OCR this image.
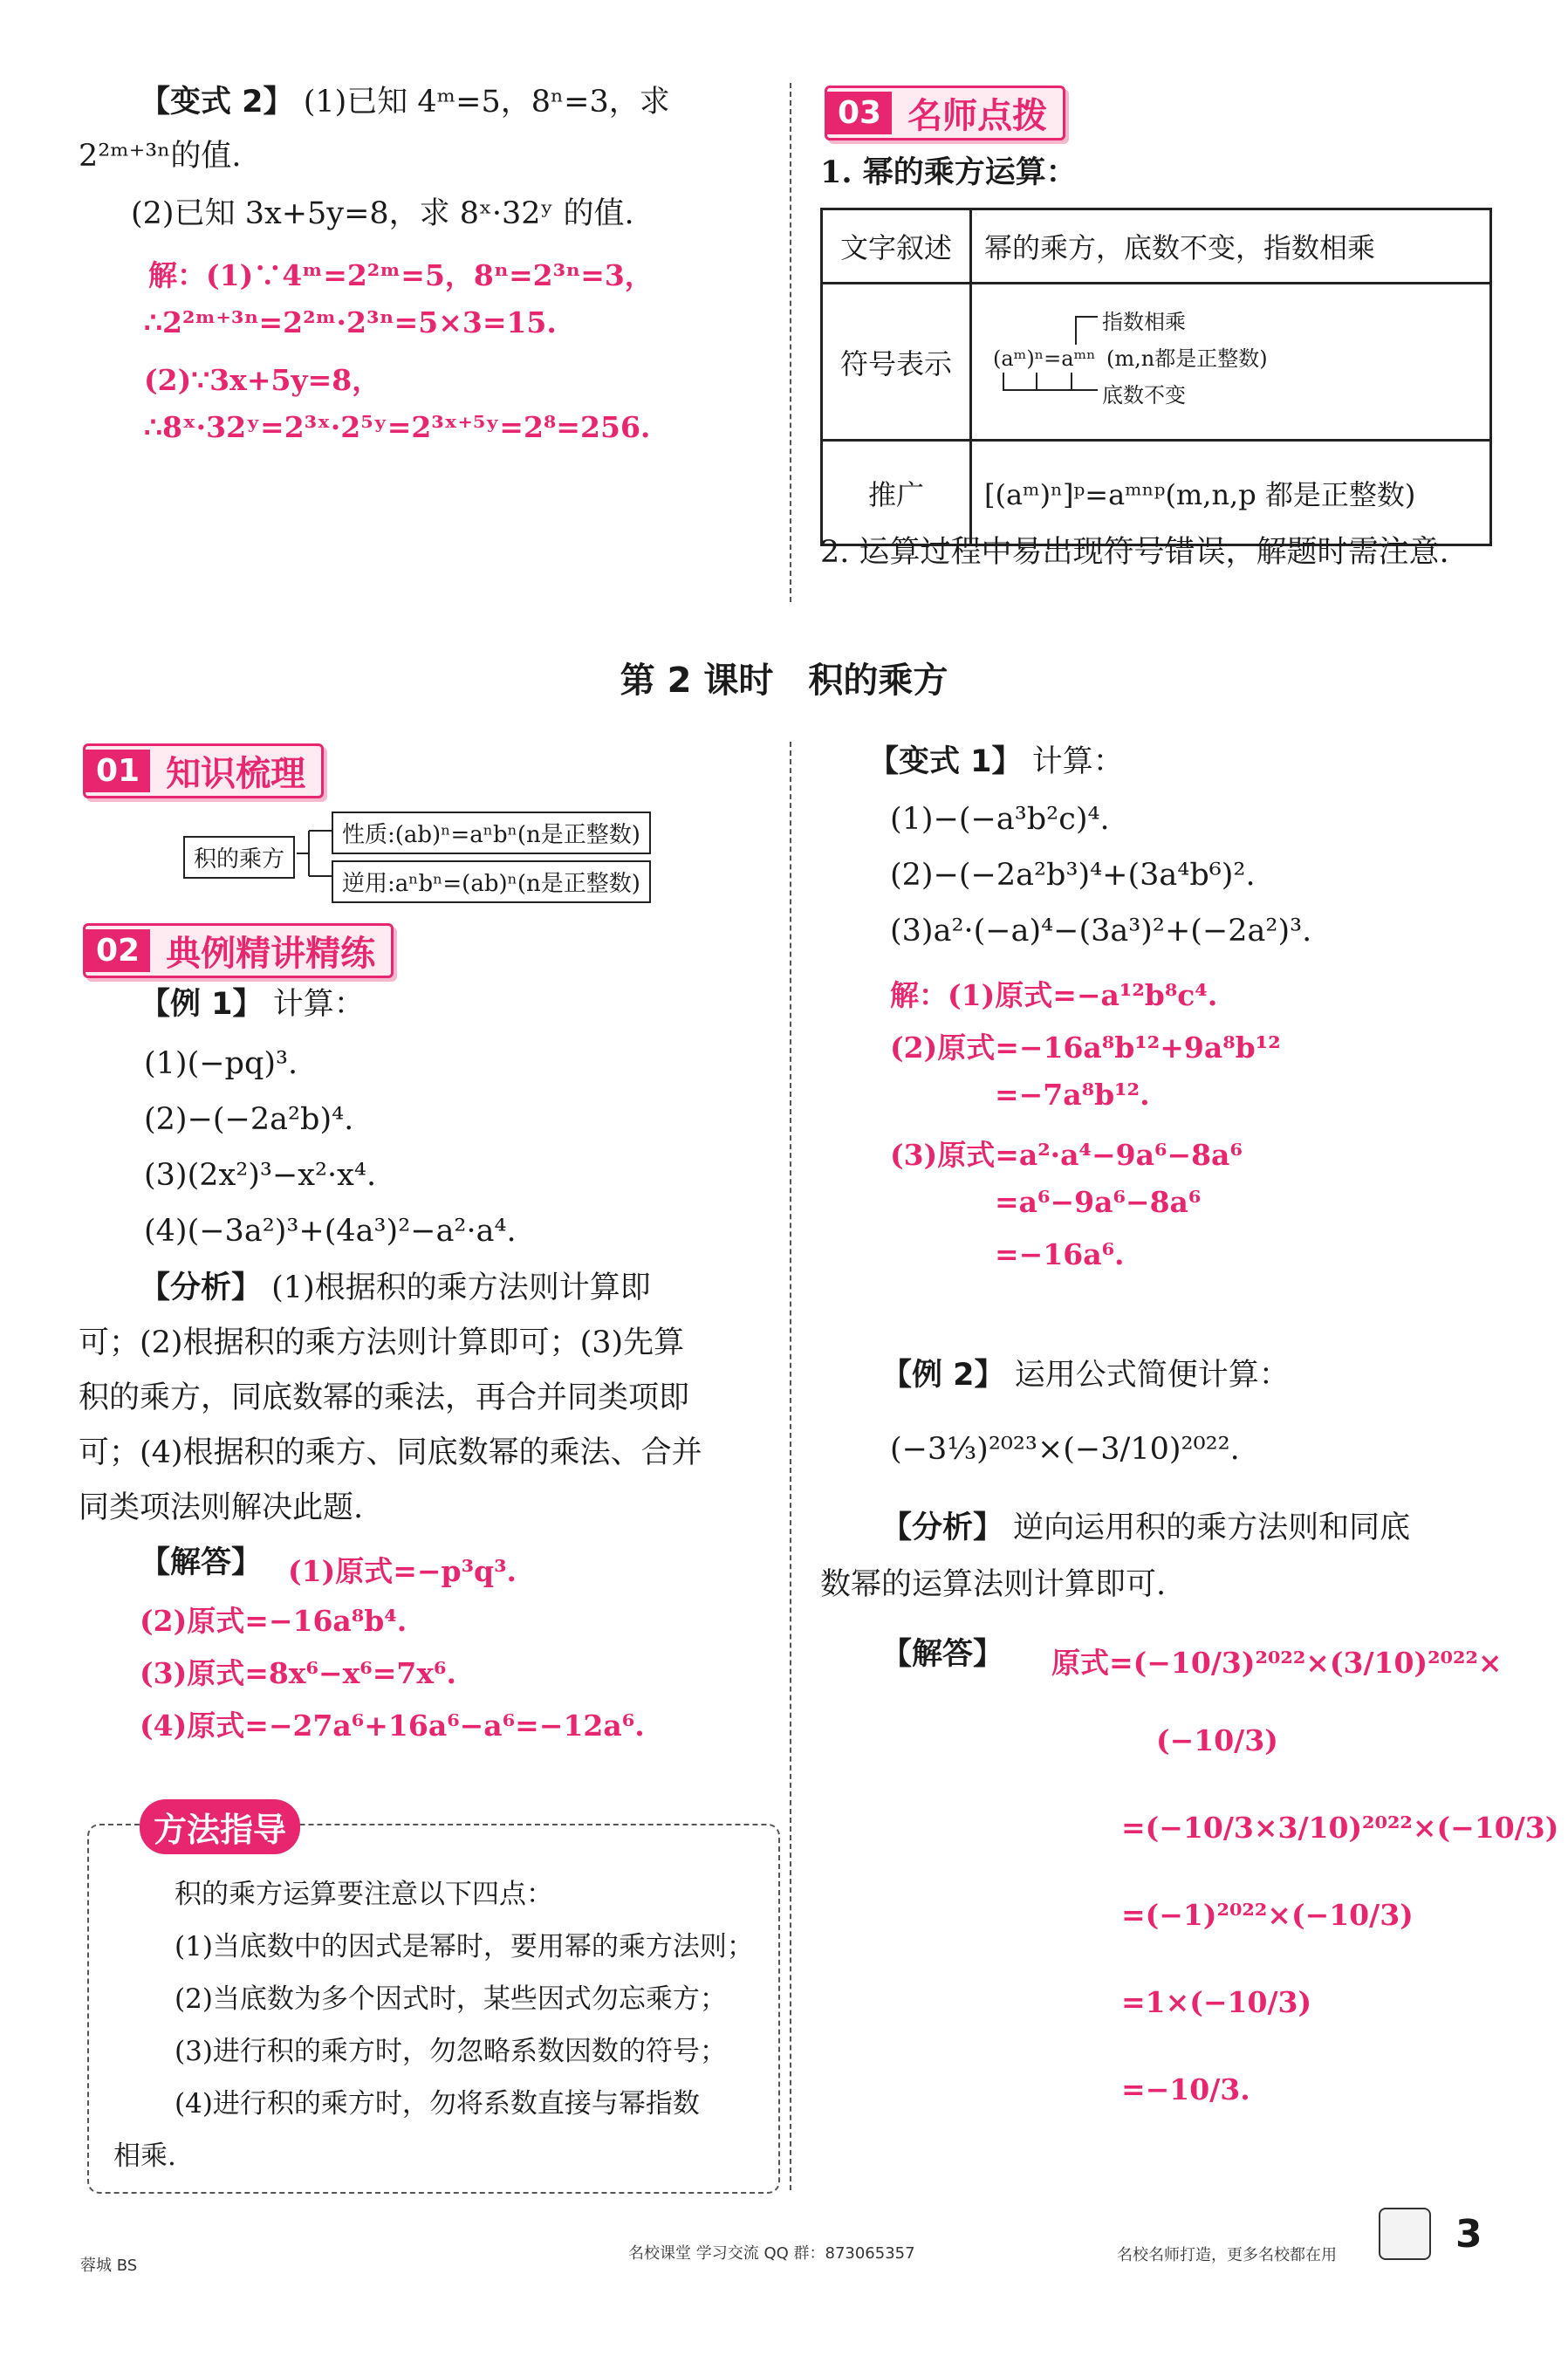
【变式 2】 (1)已知 4ᵐ=5，8ⁿ=3，求
2²ᵐ⁺³ⁿ的值.
(2)已知 3x+5y=8，求 8ˣ·32ʸ 的值.
解：(1)∵4ᵐ=2²ᵐ=5，8ⁿ=2³ⁿ=3，
∴2²ᵐ⁺³ⁿ=2²ᵐ·2³ⁿ=5×3=15.
(2)∵3x+5y=8，
∴8ˣ·32ʸ=2³ˣ·2⁵ʸ=2³ˣ⁺⁵ʸ=2⁸=256.
03 名师点拨
1. 幂的乘方运算：
文字叙述	幂的乘方，底数不变，指数相乘
符号表示	(aᵐ)ⁿ=aᵐⁿ
指数相乘
(m,n都是正整数)
底数不变

推广	[(aᵐ)ⁿ]ᵖ=aᵐⁿᵖ(m,n,p 都是正整数)
2. 运算过程中易出现符号错误，解题时需注意.
第 2 课时　积的乘方
01 知识梳理
积的乘方
性质:(ab)ⁿ=aⁿbⁿ(n是正整数)
逆用:aⁿbⁿ=(ab)ⁿ(n是正整数)
02 典例精讲精练
【例 1】 计算：
(1)(−pq)³.
(2)−(−2a²b)⁴.
(3)(2x²)³−x²·x⁴.
(4)(−3a²)³+(4a³)²−a²·a⁴.
【分析】 (1)根据积的乘方法则计算即
可；(2)根据积的乘方法则计算即可；(3)先算
积的乘方，同底数幂的乘法，再合并同类项即
可；(4)根据积的乘方、同底数幂的乘法、合并
同类项法则解决此题.
【解答】 (1)原式=−p³q³.
(2)原式=−16a⁸b⁴.
(3)原式=8x⁶−x⁶=7x⁶.
(4)原式=−27a⁶+16a⁶−a⁶=−12a⁶.
方法指导
积的乘方运算要注意以下四点：
(1)当底数中的因式是幂时，要用幂的乘方法则；
(2)当底数为多个因式时，某些因式勿忘乘方；
(3)进行积的乘方时，勿忽略系数因数的符号；
(4)进行积的乘方时，勿将系数直接与幂指数
相乘.
【变式 1】 计算：
(1)−(−a³b²c)⁴.
(2)−(−2a²b³)⁴+(3a⁴b⁶)².
(3)a²·(−a)⁴−(3a³)²+(−2a²)³.
解：(1)原式=−a¹²b⁸c⁴.
(2)原式=−16a⁸b¹²+9a⁸b¹²
=−7a⁸b¹².
(3)原式=a²·a⁴−9a⁶−8a⁶
=a⁶−9a⁶−8a⁶
=−16a⁶.
【例 2】 运用公式简便计算：
(−3⅓)²⁰²³×(−3/10)²⁰²².
【分析】 逆向运用积的乘方法则和同底
数幂的运算法则计算即可.
【解答】 原式=(−10/3)²⁰²²×(3/10)²⁰²²×
(−10/3)
=(−10/3×3/10)²⁰²²×(−10/3)
=(−1)²⁰²²×(−10/3)
=1×(−10/3)
=−10/3.
蓉城 BS
名校课堂 学习交流 QQ 群：873065357	名校名师打造，更多名校都在用	3
